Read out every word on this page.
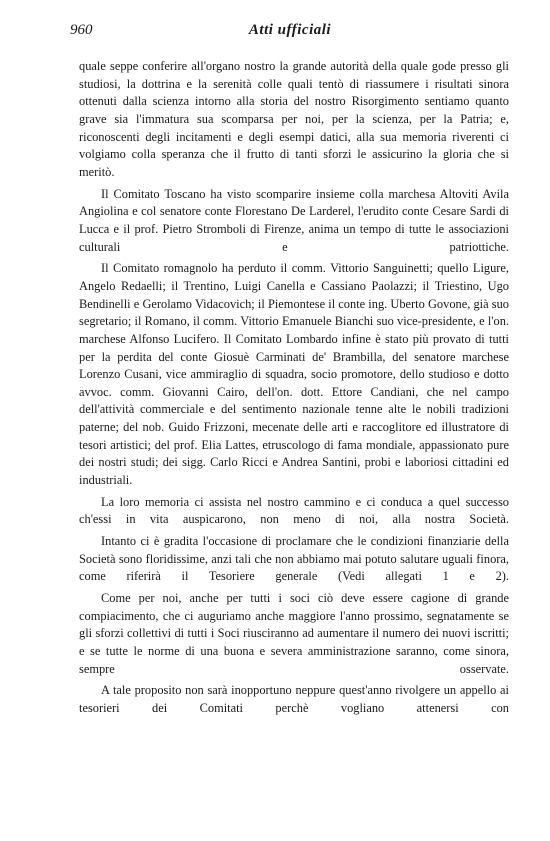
960	Atti ufficiali

quale seppe conferire all'organo nostro la grande autorità della quale gode presso gli studiosi, la dottrina e la serenità colle quali tentò di riassumere i risultati sinora ottenuti dalla scienza intorno alla storia del nostro Risorgimento sentiamo quanto grave sia l'immatura sua scomparsa per noi, per la scienza, per la Patria; e, riconoscenti degli incitamenti e degli esempi datici, alla sua memoria riverenti ci volgiamo colla speranza che il frutto di tanti sforzi le assicurino la gloria che si meritò.

Il Comitato Toscano ha visto scomparire insieme colla marchesa Altoviti Avila Angiolina e col senatore conte Florestano De Larderel, l'erudito conte Cesare Sardi di Lucca e il prof. Pietro Stromboli di Firenze, anima un tempo di tutte le associazioni culturali e patriottiche.

Il Comitato romagnolo ha perduto il comm. Vittorio Sanguinetti; quello Ligure, Angelo Redaelli; il Trentino, Luigi Canella e Cassiano Paolazzi; il Triestino, Ugo Bendinelli e Gerolamo Vidacovich; il Piemontese il conte ing. Uberto Govone, già suo segretario; il Romano, il comm. Vittorio Emanuele Bianchi suo vice-presidente, e l'on. marchese Alfonso Lucifero. Il Comitato Lombardo infine è stato più provato di tutti per la perdita del conte Giosuè Carminati de' Brambilla, del senatore marchese Lorenzo Cusani, vice ammiraglio di squadra, socio promotore, dello studioso e dotto avvoc. comm. Giovanni Cairo, dell'on. dott. Ettore Candiani, che nel campo dell'attività commerciale e del sentimento nazionale tenne alte le nobili tradizioni paterne; del nob. Guido Frizzoni, mecenate delle arti e raccoglitore ed illustratore di tesori artistici; del prof. Elia Lattes, etruscologo di fama mondiale, appassionato pure dei nostri studi; dei sigg. Carlo Ricci e Andrea Santini, probi e laboriosi cittadini ed industriali.

La loro memoria ci assista nel nostro cammino e ci conduca a quel successo ch'essi in vita auspicarono, non meno di noi, alla nostra Società.

Intanto ci è gradita l'occasione di proclamare che le condizioni finanziarie della Società sono floridissime, anzi tali che non abbiamo mai potuto salutare uguali finora, come riferirà il Tesoriere generale (Vedi allegati 1 e 2).

Come per noi, anche per tutti i soci ciò deve essere cagione di grande compiacimento, che ci auguriamo anche maggiore l'anno prossimo, segnatamente se gli sforzi collettivi di tutti i Soci riusciranno ad aumentare il numero dei nuovi iscritti; e se tutte le norme di una buona e severa amministrazione saranno, come sinora, sempre osservate.

A tale proposito non sarà inopportuno neppure quest'anno rivolgere un appello ai tesorieri dei Comitati perchè vogliano attenersi con
